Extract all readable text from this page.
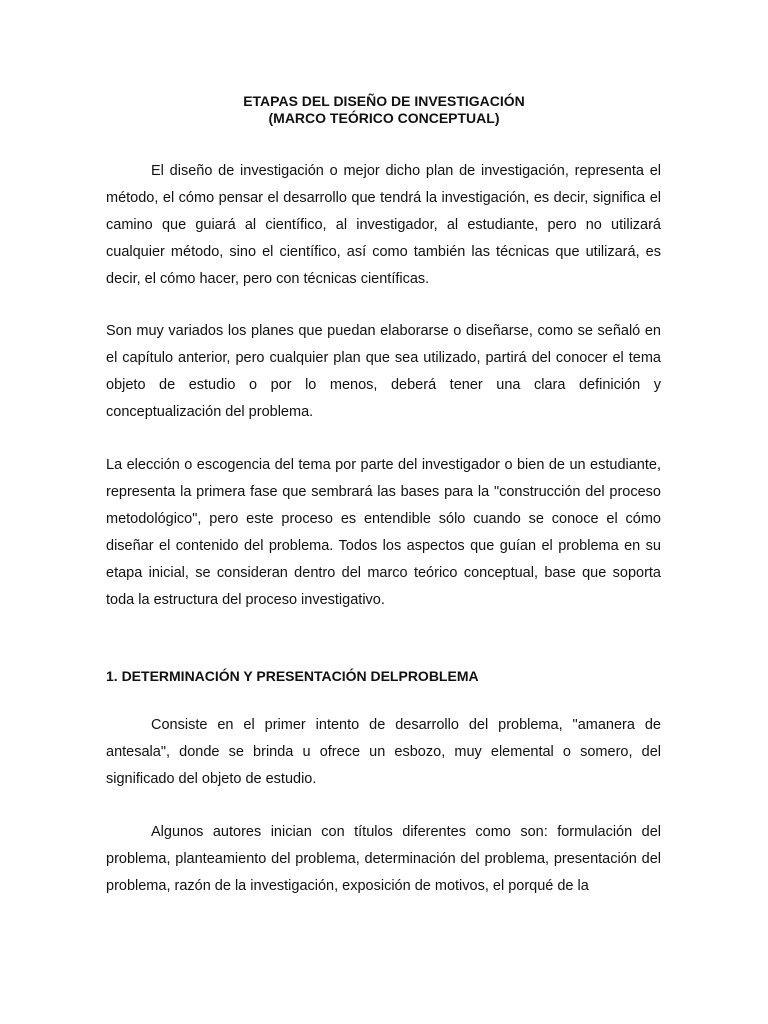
ETAPAS DEL DISEÑO DE INVESTIGACIÓN
(MARCO TEÓRICO CONCEPTUAL)

El diseño de investigación o mejor dicho plan de investigación, representa el método, el cómo pensar el desarrollo que tendrá la investigación, es decir, significa el camino que guiará al científico, al investigador, al estudiante, pero no utilizará cualquier método, sino el científico, así como también las técnicas que utilizará, es decir, el cómo hacer, pero con técnicas científicas.

Son muy variados los planes que puedan elaborarse o diseñarse, como se señaló en el capítulo anterior, pero cualquier plan que sea utilizado, partirá del conocer el tema objeto de estudio o por lo menos, deberá tener una clara definición y conceptualización del problema.

La elección o escogencia del tema por parte del investigador o bien de un estudiante, representa la primera fase que sembrará las bases para la "construcción del proceso metodológico", pero este proceso es entendible sólo cuando se conoce el cómo diseñar el contenido del problema. Todos los aspectos que guían el problema en su etapa inicial, se consideran dentro del marco teórico conceptual, base que soporta toda la estructura del proceso investigativo.

1. DETERMINACIÓN Y PRESENTACIÓN DELPROBLEMA

Consiste en el primer intento de desarrollo del problema, "amanera de antesala", donde se brinda u ofrece un esbozo, muy elemental o somero, del significado del objeto de estudio.

Algunos autores inician con títulos diferentes como son: formulación del problema, planteamiento del problema, determinación del problema, presentación del problema, razón de la investigación, exposición de motivos, el porqué de la
